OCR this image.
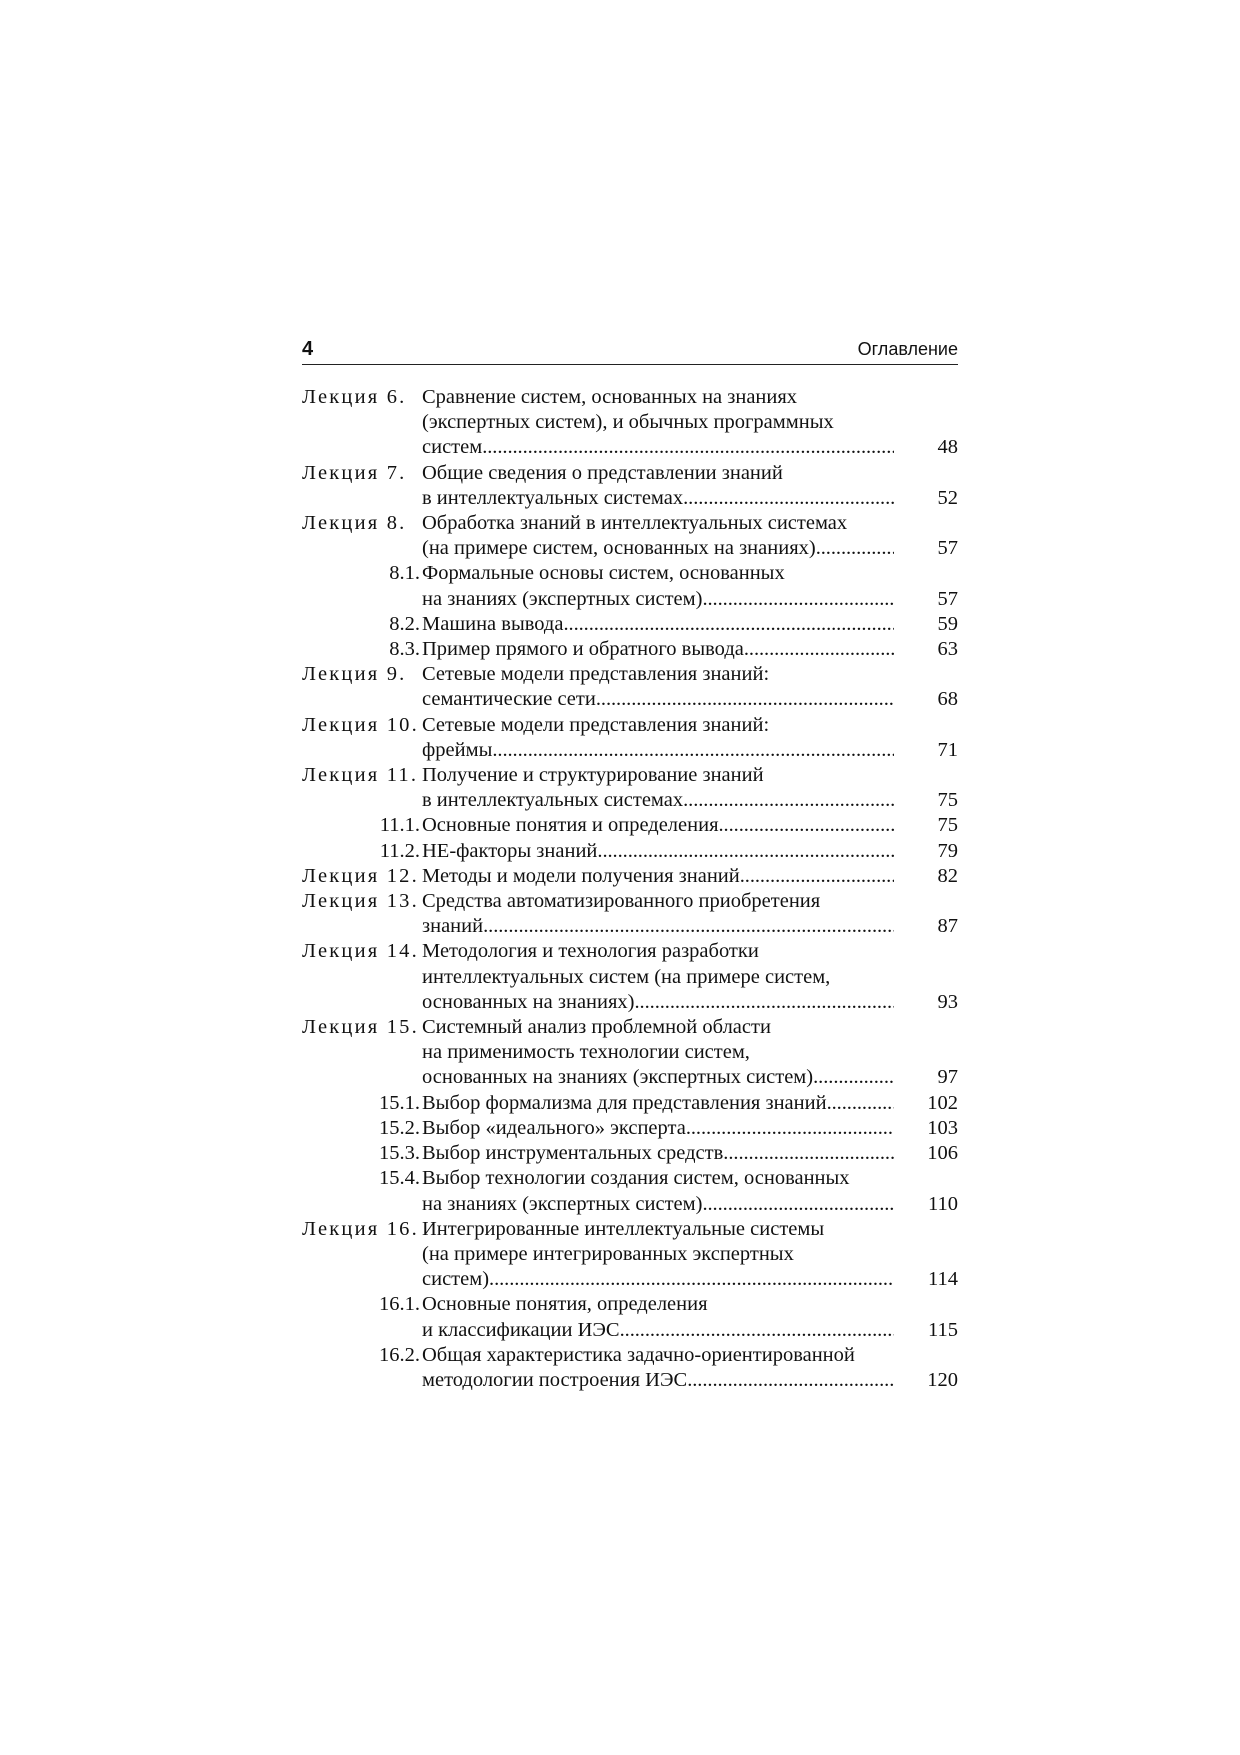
4	Оглавление
Лекция 6. Сравнение систем, основанных на знаниях
(экспертных систем), и обычных программных
систем . . .	48
Лекция 7. Общие сведения о представлении знаний
в интеллектуальных системах . . .	52
Лекция 8. Обработка знаний в интеллектуальных системах
(на примере систем, основанных на знаниях) . . .	57
8.1. Формальные основы систем, основанных
на знаниях (экспертных систем) . . .	57
8.2. Машина вывода . . .	59
8.3. Пример прямого и обратного вывода . . .	63
Лекция 9. Сетевые модели представления знаний:
семантические сети . . .	68
Лекция 10. Сетевые модели представления знаний:
фреймы . . .	71
Лекция 11. Получение и структурирование знаний
в интеллектуальных системах . . .	75
11.1. Основные понятия и определения . . .	75
11.2. НЕ-факторы знаний . . .	79
Лекция 12. Методы и модели получения знаний . . .	82
Лекция 13. Средства автоматизированного приобретения
знаний . . .	87
Лекция 14. Методология и технология разработки
интеллектуальных систем (на примере систем,
основанных на знаниях) . . .	93
Лекция 15. Системный анализ проблемной области
на применимость технологии систем,
основанных на знаниях (экспертных систем) . . .	97
15.1. Выбор формализма для представления знаний . . .	102
15.2. Выбор «идеального» эксперта . . .	103
15.3. Выбор инструментальных средств . . .	106
15.4. Выбор технологии создания систем, основанных
на знаниях (экспертных систем) . . .	110
Лекция 16. Интегрированные интеллектуальные системы
(на примере интегрированных экспертных
систем) . . .	114
16.1. Основные понятия, определения
и классификации ИЭС . . .	115
16.2. Общая характеристика задачно-ориентированной
методологии построения ИЭС . . .	120
